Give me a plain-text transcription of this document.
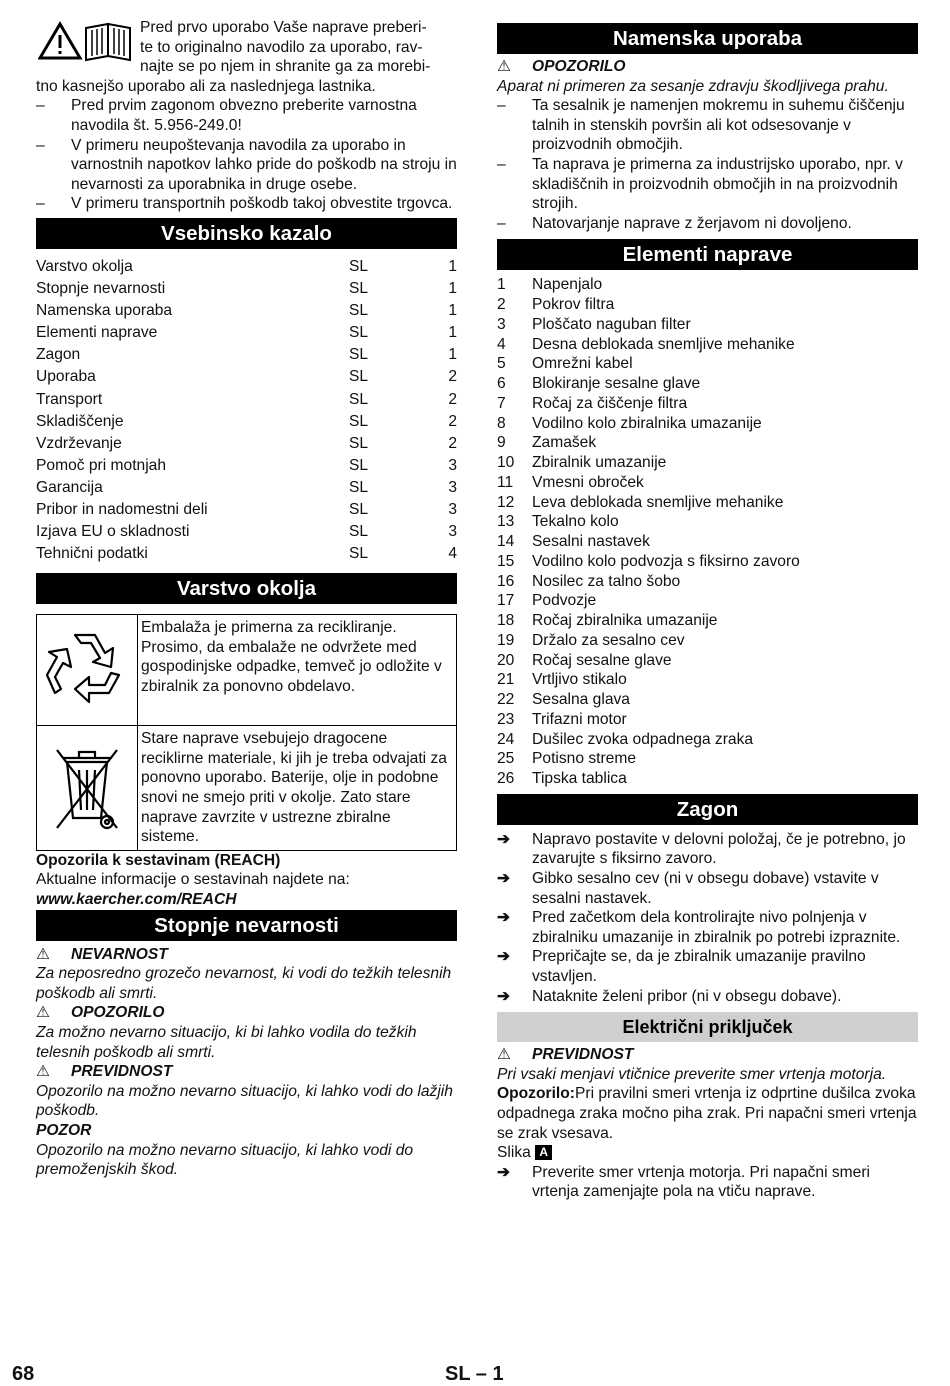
Pred prvo uporabo Vaše naprave preberi-

te to originalno navodilo za uporabo, rav-

najte se po njem in shranite ga za morebi-

tno kasnejšo uporabo ali za naslednjega lastnika.

–	Pred prvim zagonom obvezno preberite varnostna navodila št. 5.956-249.0!
–	V primeru neupoštevanja navodila za uporabo in varnostnih napotkov lahko pride do poškodb na stroju in nevarnosti za uporabnika in druge osebe.
–	V primeru transportnih poškodb takoj obvestite trgovca.
Vsebinsko kazalo
Varstvo okolja	SL	1
Stopnje nevarnosti	SL	1
Namenska uporaba	SL	1
Elementi naprave	SL	1
Zagon	SL	1
Uporaba	SL	2
Transport	SL	2
Skladiščenje	SL	2
Vzdrževanje	SL	2
Pomoč pri motnjah	SL	3
Garancija	SL	3
Pribor in nadomestni deli	SL	3
Izjava EU o skladnosti	SL	3
Tehnični podatki	SL	4
Varstvo okolja
Embalaža je primerna za recikliranje. Prosimo, da embalaže ne odvržete med gospodinjske odpadke, temveč jo odložite v zbiralnik za ponovno obdelavo.
Stare naprave vsebujejo dragocene reciklirne materiale, ki jih je treba odvajati za ponovno uporabo. Baterije, olje in podobne snovi ne smejo priti v okolje. Zato stare naprave zavrzite v ustrezne zbiralne sisteme.

Opozorila k sestavinam (REACH)

Aktualne informacije o sestavinah najdete na:

www.kaercher.com/REACH

Stopnje nevarnosti
⚠	NEVARNOST

Za neposredno grozečo nevarnost, ki vodi do težkih telesnih poškodb ali smrti.

⚠	OPOZORILO

Za možno nevarno situacijo, ki bi lahko vodila do težkih telesnih poškodb ali smrti.

⚠	PREVIDNOST

Opozorilo na možno nevarno situacijo, ki lahko vodi do lažjih poškodb.

POZOR

Opozorilo na možno nevarno situacijo, ki lahko vodi do premoženjskih škod.

Namenska uporaba
⚠	OPOZORILO

Aparat ni primeren za sesanje zdravju škodljivega prahu.

–	Ta sesalnik je namenjen mokremu in suhemu čiščenju talnih in stenskih površin ali kot odsesovanje v proizvodnih območjih.
–	Ta naprava je primerna za industrijsko uporabo, npr. v skladiščnih in proizvodnih območjih in na proizvodnih strojih.
–	Natovarjanje naprave z žerjavom ni dovoljeno.
Elementi naprave
1	Napenjalo
2	Pokrov filtra
3	Ploščato naguban filter
4	Desna deblokada snemljive mehanike
5	Omrežni kabel
6	Blokiranje sesalne glave
7	Ročaj za čiščenje filtra
8	Vodilno kolo zbiralnika umazanije
9	Zamašek
10	Zbiralnik umazanije
11	Vmesni obroček
12	Leva deblokada snemljive mehanike
13	Tekalno kolo
14	Sesalni nastavek
15	Vodilno kolo podvozja s fiksirno zavoro
16	Nosilec za talno šobo
17	Podvozje
18	Ročaj zbiralnika umazanije
19	Držalo za sesalno cev
20	Ročaj sesalne glave
21	Vrtljivo stikalo
22	Sesalna glava
23	Trifazni motor
24	Dušilec zvoka odpadnega zraka
25	Potisno streme
26	Tipska tablica
Zagon
➔	Napravo postavite v delovni položaj, če je potrebno, jo zavarujte s fiksirno zavoro.
➔	Gibko sesalno cev (ni v obsegu dobave) vstavite v sesalni nastavek.
➔	Pred začetkom dela kontrolirajte nivo polnjenja v zbiralniku umazanije in zbiralnik po potrebi izpraznite.
➔	Prepričajte se, da je zbiralnik umazanije pravilno vstavljen.
➔	Nataknite želeni pribor (ni v obsegu dobave).
Električni priključek
⚠	PREVIDNOST

Pri vsaki menjavi vtičnice preverite smer vrtenja motorja.

Opozorilo:Pri pravilni smeri vrtenja iz odprtine dušilca zvoka odpadnega zraka močno piha zrak. Pri napačni smeri vrtenja se zrak vsesava.

Slika A

➔	Preverite smer vrtenja motorja. Pri napačni smeri vrtenja zamenjajte pola na vtiču naprave.
68	SL – 1
